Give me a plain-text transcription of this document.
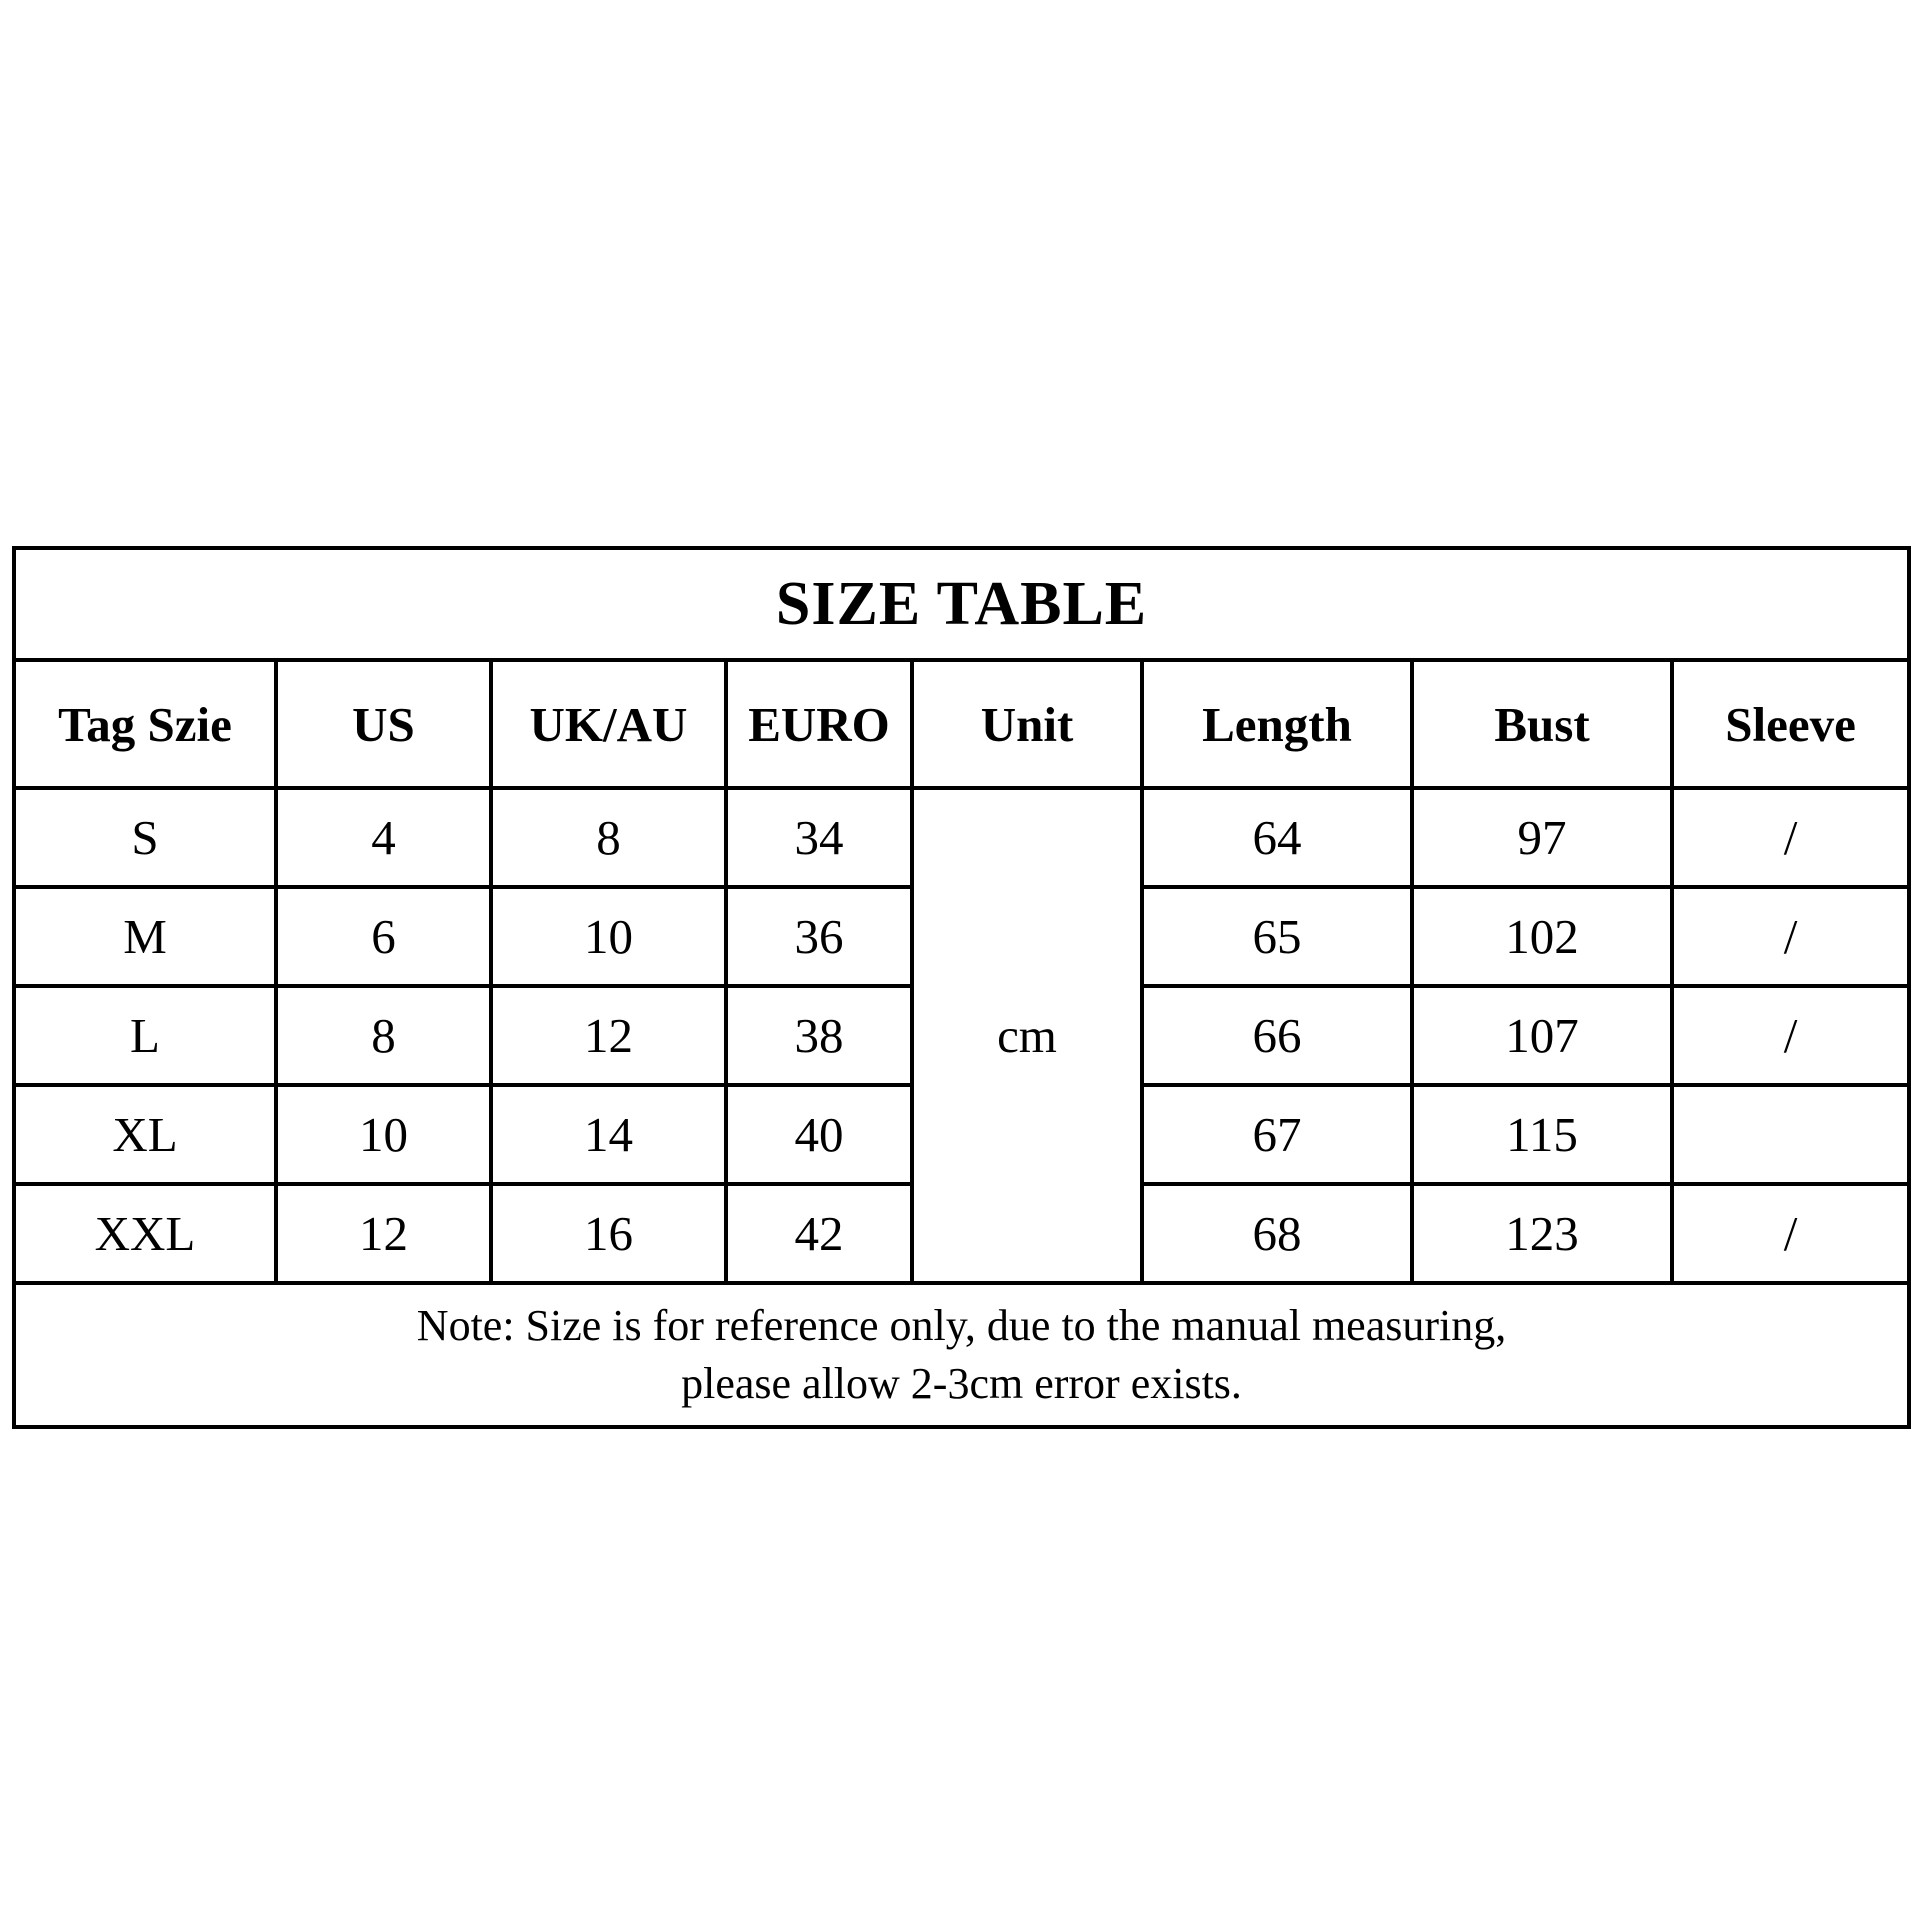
SIZE TABLE							
Tag Szie	US	UK/AU	EURO	Unit	Length	Bust	Sleeve
S	4	8	34	cm	64	97	/
M	6	10	36		65	102	/
L	8	12	38		66	107	/
XL	10	14	40		67	115	
XXL	12	16	42		68	123	/

Note: Size is for reference only, due to the manual measuring,
please allow 2-3cm error exists.							
